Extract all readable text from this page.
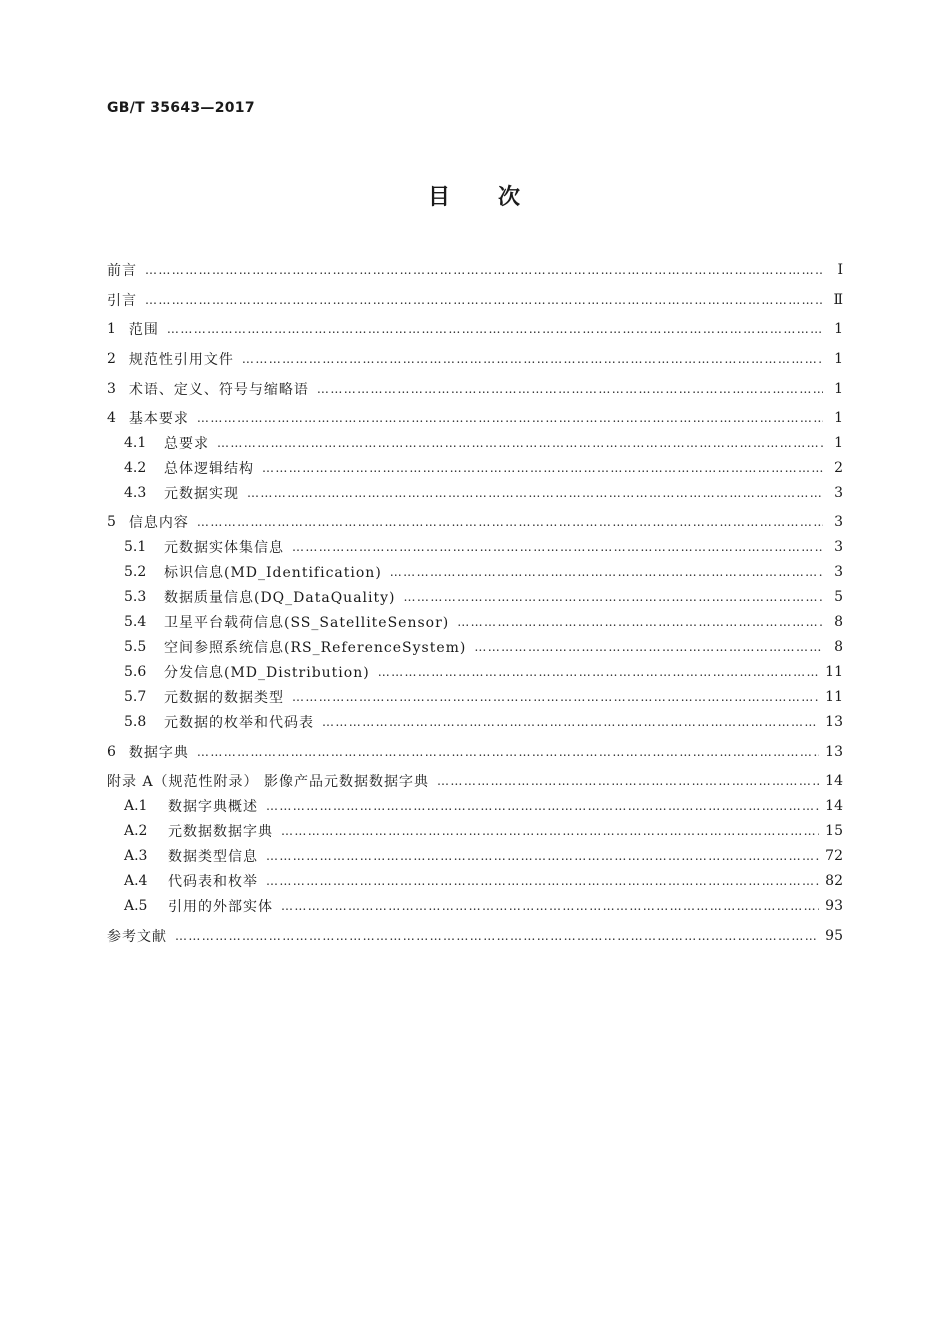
GB/T 35643—2017
目 次
前言 …………………………………………………………………………………………………………………………………………………………………………………………………………………………	Ⅰ
引言 …………………………………………………………………………………………………………………………………………………………………………………………………………………………	Ⅱ
1 范围 …………………………………………………………………………………………………………………………………………………………………………………………………………………………	1
2 规范性引用文件 …………………………………………………………………………………………………………………………………………………………………………………………………………………………	1
3 术语、定义、符号与缩略语 …………………………………………………………………………………………………………………………………………………………………………………………………………………………	1
4 基本要求 …………………………………………………………………………………………………………………………………………………………………………………………………………………………	1
4.1	总要求 …………………………………………………………………………………………………………………………………………………………………………………………………………………………	1
4.2	总体逻辑结构 …………………………………………………………………………………………………………………………………………………………………………………………………………………………	2
4.3	元数据实现 …………………………………………………………………………………………………………………………………………………………………………………………………………………………	3
5 信息内容 …………………………………………………………………………………………………………………………………………………………………………………………………………………………	3
5.1	元数据实体集信息 …………………………………………………………………………………………………………………………………………………………………………………………………………………………	3
5.2	标识信息(MD_Identification) …………………………………………………………………………………………………………………………………………………………………………………………………………………………	3
5.3	数据质量信息(DQ_DataQuality) …………………………………………………………………………………………………………………………………………………………………………………………………………………………	5
5.4	卫星平台载荷信息(SS_SatelliteSensor) …………………………………………………………………………………………………………………………………………………………………………………………………………………………	8
5.5	空间参照系统信息(RS_ReferenceSystem) …………………………………………………………………………………………………………………………………………………………………………………………………………………………	8
5.6	分发信息(MD_Distribution) …………………………………………………………………………………………………………………………………………………………………………………………………………………………	11
5.7	元数据的数据类型 …………………………………………………………………………………………………………………………………………………………………………………………………………………………	11
5.8	元数据的枚举和代码表 …………………………………………………………………………………………………………………………………………………………………………………………………………………………	13
6 数据字典 …………………………………………………………………………………………………………………………………………………………………………………………………………………………	13
附录 A（规范性附录） 影像产品元数据数据字典 …………………………………………………………………………………………………………………………………………………………………………………………………………………………	14
A.1	数据字典概述 …………………………………………………………………………………………………………………………………………………………………………………………………………………………	14
A.2	元数据数据字典 …………………………………………………………………………………………………………………………………………………………………………………………………………………………	15
A.3	数据类型信息 …………………………………………………………………………………………………………………………………………………………………………………………………………………………	72
A.4	代码表和枚举 …………………………………………………………………………………………………………………………………………………………………………………………………………………………	82
A.5	引用的外部实体 …………………………………………………………………………………………………………………………………………………………………………………………………………………………	93
参考文献 …………………………………………………………………………………………………………………………………………………………………………………………………………………………	95
